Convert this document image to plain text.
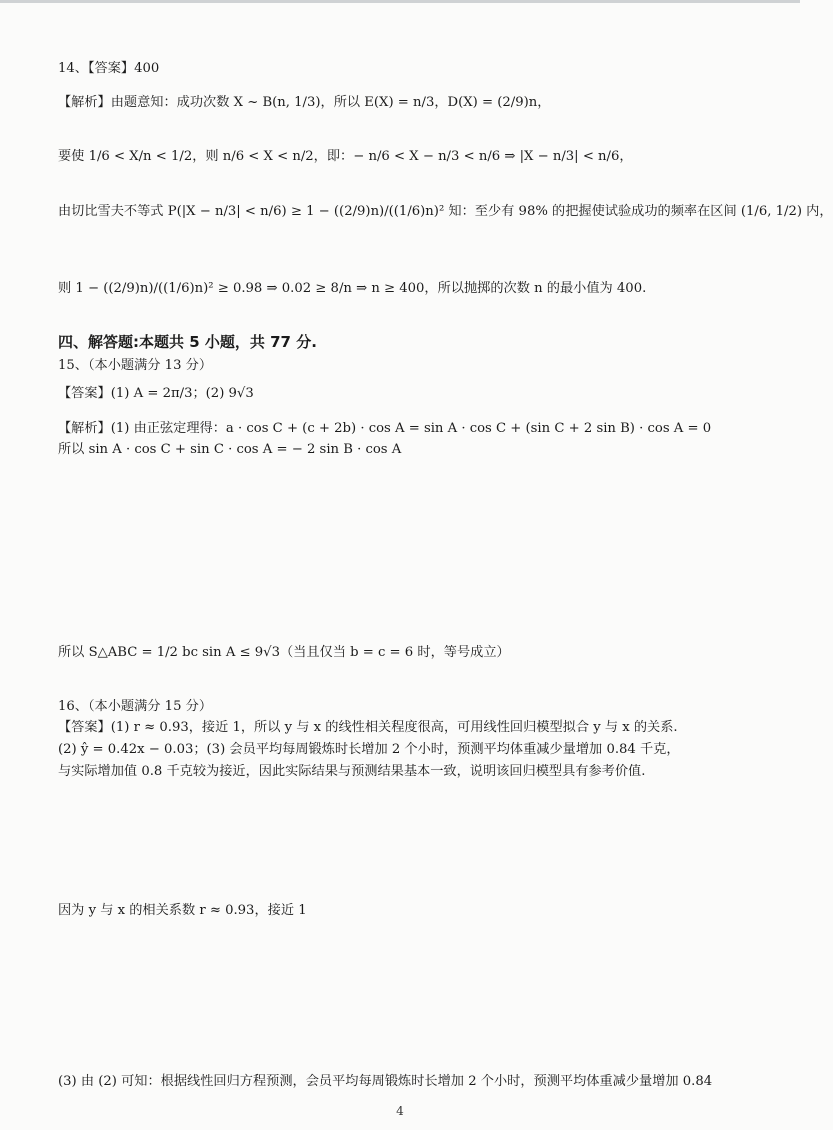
14、【答案】400
【解析】由题意知：成功次数 X ~ B(n, 1/3)，所以 E(X) = n/3，D(X) = (2/9)n，
要使 1/6 < X/n < 1/2，则 n/6 < X < n/2，即：− n/6 < X − n/3 < n/6 ⇒ |X − n/3| < n/6，
由切比雪夫不等式 P(|X − n/3| < n/6) ≥ 1 − ((2/9)n)/((1/6)n)² 知：至少有 98% 的把握使试验成功的频率在区间 (1/6, 1/2) 内，
则 1 − ((2/9)n)/((1/6)n)² ≥ 0.98 ⇒ 0.02 ≥ 8/n ⇒ n ≥ 400，所以抛掷的次数 n 的最小值为 400.
四、解答题:本题共 5 小题，共 77 分.
15、（本小题满分 13 分）
【答案】(1) A = 2π/3；(2) 9√3
【解析】(1) 由正弦定理得：a · cos C + (c + 2b) · cos A = sin A · cos C + (sin C + 2 sin B) · cos A = 0
所以 sin A · cos C + sin C · cos A = − 2 sin B · cos A
所以 S△ABC = 1/2 bc sin A ≤ 9√3（当且仅当 b = c = 6 时，等号成立）
16、（本小题满分 15 分）
【答案】(1) r ≈ 0.93，接近 1，所以 y 与 x 的线性相关程度很高，可用线性回归模型拟合 y 与 x 的关系.
(2) ŷ = 0.42x − 0.03；(3) 会员平均每周锻炼时长增加 2 个小时，预测平均体重减少量增加 0.84 千克，
与实际增加值 0.8 千克较为接近，因此实际结果与预测结果基本一致，说明该回归模型具有参考价值.
因为 y 与 x 的相关系数 r ≈ 0.93，接近 1
(3) 由 (2) 可知：根据线性回归方程预测，会员平均每周锻炼时长增加 2 个小时，预测平均体重减少量增加 0.84
4
